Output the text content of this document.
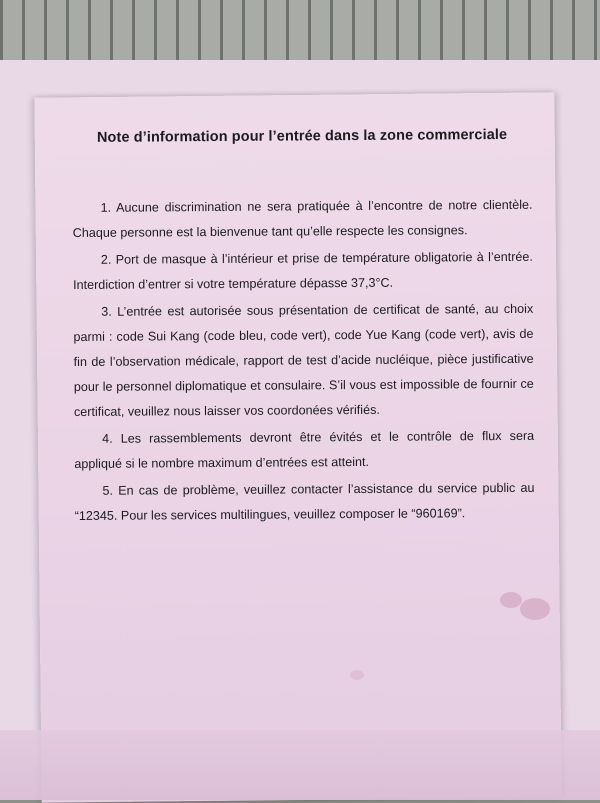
Note d’information pour l’entrée dans la zone commerciale
1. Aucune discrimination ne sera pratiquée à l’encontre de notre clientèle. Chaque personne est la bienvenue tant qu’elle respecte les consignes.
2. Port de masque à l’intérieur et prise de température obligatorie à l’entrée. Interdiction d’entrer si votre température dépasse 37,3°C.
3. L’entrée est autorisée sous présentation de certificat de santé, au choix parmi : code Sui Kang (code bleu, code vert), code Yue Kang (code vert), avis de fin de l’observation médicale, rapport de test d’acide nucléique, pièce justificative pour le personnel diplomatique et consulaire. S’il vous est impossible de fournir ce certificat, veuillez nous laisser vos coordonées vérifiés.
4. Les rassemblements devront être évités et le contrôle de flux sera appliqué si le nombre maximum d’entrées est atteint.
5. En cas de problème, veuillez contacter l’assistance du service public au “12345. Pour les services multilingues, veuillez composer le “960169”.
